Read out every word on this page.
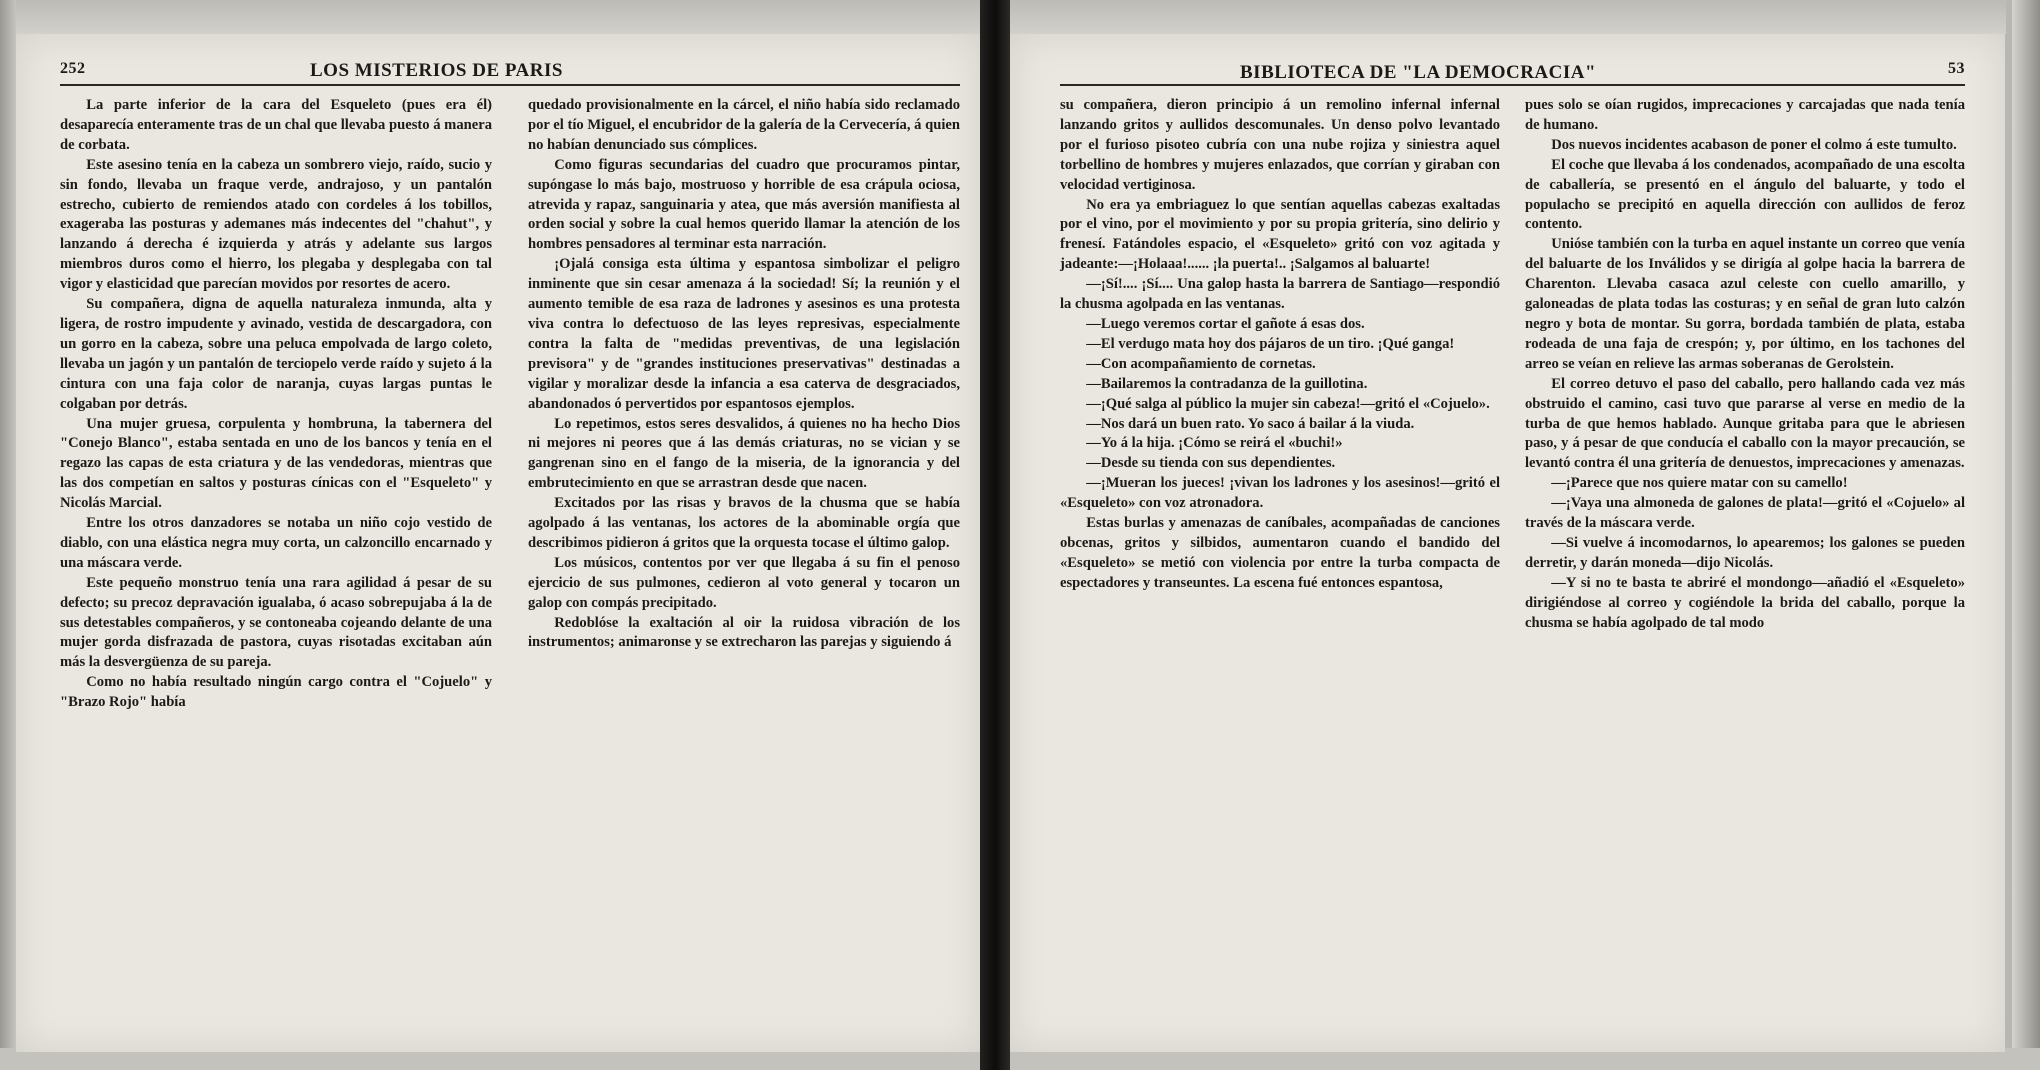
252	LOS MISTERIOS DE PARIS	BIBLIOTECA DE "LA DEMOCRACIA"	53

La parte inferior de la cara del Esqueleto (pues era él) desaparecía enteramente tras de un chal que llevaba puesto á manera de corbata.

Este asesino tenía en la cabeza un sombrero viejo, raído, sucio y sin fondo, llevaba un fraque verde, andrajoso, y un pantalón estrecho, cubierto de remiendos atado con cordeles á los tobillos, exageraba las posturas y ademanes más indecentes del "chahut", y lanzando á derecha é izquierda y atrás y adelante sus largos miembros duros como el hierro, los plegaba y desplegaba con tal vigor y elasticidad que parecían movidos por resortes de acero.

Su compañera, digna de aquella naturaleza inmunda, alta y ligera, de rostro impudente y avinado, vestida de descargadora, con un gorro en la cabeza, sobre una peluca empolvada de largo coleto, llevaba un jagón y un pantalón de terciopelo verde raído y sujeto á la cintura con una faja color de naranja, cuyas largas puntas le colgaban por detrás.

Una mujer gruesa, corpulenta y hombruna, la tabernera del "Conejo Blanco", estaba sentada en uno de los bancos y tenía en el regazo las capas de esta criatura y de las vendedoras, mientras que las dos competían en saltos y posturas cínicas con el "Esqueleto" y Nicolás Marcial.

Entre los otros danzadores se notaba un niño cojo vestido de diablo, con una elástica negra muy corta, un calzoncillo encarnado y una máscara verde.

Este pequeño monstruo tenía una rara agilidad á pesar de su defecto; su precoz depravación igualaba, ó acaso sobrepujaba á la de sus detestables compañeros, y se contoneaba cojeando delante de una mujer gorda disfrazada de pastora, cuyas risotadas excitaban aún más la desvergüenza de su pareja.

Como no había resultado ningún cargo contra el "Cojuelo" y "Brazo Rojo" había

quedado provisionalmente en la cárcel, el niño había sido reclamado por el tío Miguel, el encubridor de la galería de la Cervecería, á quien no habían denunciado sus cómplices.

Como figuras secundarias del cuadro que procuramos pintar, supóngase lo más bajo, mostruoso y horrible de esa crápula ociosa, atrevida y rapaz, sanguinaria y atea, que más aversión manifiesta al orden social y sobre la cual hemos querido llamar la atención de los hombres pensadores al terminar esta narración.

¡Ojalá consiga esta última y espantosa simbolizar el peligro inminente que sin cesar amenaza á la sociedad! Sí; la reunión y el aumento temible de esa raza de ladrones y asesinos es una protesta viva contra lo defectuoso de las leyes represivas, especialmente contra la falta de "medidas preventivas, de una legislación previsora" y de "grandes instituciones preservativas" destinadas a vigilar y moralizar desde la infancia a esa caterva de desgraciados, abandonados ó pervertidos por espantosos ejemplos.

Lo repetimos, estos seres desvalidos, á quienes no ha hecho Dios ni mejores ni peores que á las demás criaturas, no se vician y se gangrenan sino en el fango de la miseria, de la ignorancia y del embrutecimiento en que se arrastran desde que nacen.

Excitados por las risas y bravos de la chusma que se había agolpado á las ventanas, los actores de la abominable orgía que describimos pidieron á gritos que la orquesta tocase el último galop.

Los músicos, contentos por ver que llegaba á su fin el penoso ejercicio de sus pulmones, cedieron al voto general y tocaron un galop con compás precipitado.

Redoblóse la exaltación al oir la ruidosa vibración de los instrumentos; animaronse y se extrecharon las parejas y siguiendo á

su compañera, dieron principio á un remolino infernal infernal lanzando gritos y aullidos descomunales. Un denso polvo levantado por el furioso pisoteo cubría con una nube rojiza y siniestra aquel torbellino de hombres y mujeres enlazados, que corrían y giraban con velocidad vertiginosa.

No era ya embriaguez lo que sentían aquellas cabezas exaltadas por el vino, por el movimiento y por su propia gritería, sino delirio y frenesí. Fatándoles espacio, el «Esqueleto» gritó con voz agitada y jadeante:—¡Holaaa!...... ¡la puerta!.. ¡Salgamos al baluarte!

—¡Sí!.... ¡Sí.... Una galop hasta la barrera de Santiago—respondió la chusma agolpada en las ventanas.

—Luego veremos cortar el gañote á esas dos.

—El verdugo mata hoy dos pájaros de un tiro. ¡Qué ganga!

—Con acompañamiento de cornetas.

—Bailaremos la contradanza de la guillotina.

—¡Qué salga al público la mujer sin cabeza!—gritó el «Cojuelo».

—Nos dará un buen rato. Yo saco á bailar á la viuda.

—Yo á la hija. ¡Cómo se reirá el «buchi!»

—Desde su tienda con sus dependientes.

—¡Mueran los jueces! ¡vivan los ladrones y los asesinos!—gritó el «Esqueleto» con voz atronadora.

Estas burlas y amenazas de caníbales, acompañadas de canciones obcenas, gritos y silbidos, aumentaron cuando el bandido del «Esqueleto» se metió con violencia por entre la turba compacta de espectadores y transeuntes. La escena fué entonces espantosa,

pues solo se oían rugidos, imprecaciones y carcajadas que nada tenía de humano.

Dos nuevos incidentes acabason de poner el colmo á este tumulto.

El coche que llevaba á los condenados, acompañado de una escolta de caballería, se presentó en el ángulo del baluarte, y todo el populacho se precipitó en aquella dirección con aullidos de feroz contento.

Unióse también con la turba en aquel instante un correo que venía del baluarte de los Inválidos y se dirigía al golpe hacia la barrera de Charenton. Llevaba casaca azul celeste con cuello amarillo, y galoneadas de plata todas las costuras; y en señal de gran luto calzón negro y bota de montar. Su gorra, bordada también de plata, estaba rodeada de una faja de crespón; y, por último, en los tachones del arreo se veían en relieve las armas soberanas de Gerolstein.

El correo detuvo el paso del caballo, pero hallando cada vez más obstruido el camino, casi tuvo que pararse al verse en medio de la turba de que hemos hablado. Aunque gritaba para que le abriesen paso, y á pesar de que conducía el caballo con la mayor precaución, se levantó contra él una gritería de denuestos, imprecaciones y amenazas.

—¡Parece que nos quiere matar con su camello!

—¡Vaya una almoneda de galones de plata!—gritó el «Cojuelo» al través de la máscara verde.

—Si vuelve á incomodarnos, lo apearemos; los galones se pueden derretir, y darán moneda—dijo Nicolás.

—Y si no te basta te abriré el mondongo—añadió el «Esqueleto» dirigiéndose al correo y cogiéndole la brida del caballo, porque la chusma se había agolpado de tal modo
